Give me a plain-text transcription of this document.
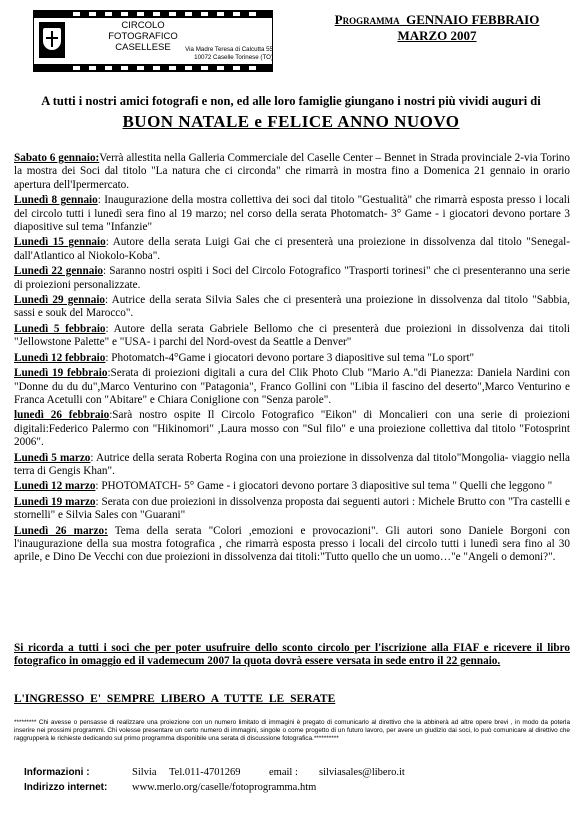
CIRCOLO
FOTOGRAFICO
CASELLESE	Via Madre Teresa di Calcutta 55
10072 Caselle Torinese (TO)
Programma GENNAIO FEBBRAIO
MARZO 2007
A tutti i nostri amici fotografi e non, ed alle loro famiglie giungano i nostri più vividi auguri di
BUON NATALE e FELICE ANNO NUOVO
Sabato 6 gennaio:Verrà allestita nella Galleria Commerciale del Caselle Center – Bennet in Strada provinciale 2-via Torino la mostra dei Soci dal titolo "La natura che ci circonda" che rimarrà in mostra fino a Domenica 21 gennaio in orario apertura dell'Ipermercato.
Lunedì 8 gennaio: Inaugurazione della mostra collettiva dei soci dal titolo "Gestualità" che rimarrà esposta presso i locali del circolo tutti i lunedì sera fino al 19 marzo; nel corso della serata Photomatch- 3° Game - i giocatori devono portare 3 diapositive sul tema "Infanzie"
Lunedì 15 gennaio: Autore della serata Luigi Gai che ci presenterà una proiezione in dissolvenza dal titolo "Senegal-dall'Atlantico al Niokolo-Koba".
Lunedì 22 gennaio: Saranno nostri ospiti i Soci del Circolo Fotografico "Trasporti torinesi" che ci presenteranno una serie di proiezioni personalizzate.
Lunedì 29 gennaio: Autrice della serata Silvia Sales che ci presenterà una proiezione in dissolvenza dal titolo "Sabbia, sassi e souk del Marocco".
Lunedì 5 febbraio: Autore della serata Gabriele Bellomo che ci presenterà due proiezioni in dissolvenza dai titoli "Jellowstone Palette" e "USA- i parchi del Nord-ovest da Seattle a Denver"
Lunedì 12 febbraio: Photomatch-4°Game i giocatori devono portare 3 diapositive sul tema "Lo sport"
Lunedì 19 febbraio:Serata di proiezioni digitali a cura del Clik Photo Club "Mario A."di Pianezza: Daniela Nardini con "Donne du du du",Marco Venturino con "Patagonia", Franco Gollini con "Libia il fascino del deserto",Marco Venturino e Franca Acetulli con "Abitare" e Chiara Coniglione con "Senza parole".
lunedì 26 febbraio:Sarà nostro ospite Il Circolo Fotografico "Eikon" di Moncalieri con una serie di proiezioni digitali:Federico Palermo con "Hikinomori" ,Laura mosso con "Sul filo" e una proiezione collettiva dal titolo "Fotosprint 2006".
Lunedì 5 marzo: Autrice della serata Roberta Rogina con una proiezione in dissolvenza dal titolo"Mongolia- viaggio nella terra di Gengis Khan".
Lunedì 12 marzo: PHOTOMATCH- 5° Game - i giocatori devono portare 3 diapositive sul tema " Quelli che leggono "
Lunedì 19 marzo: Serata con due proiezioni in dissolvenza proposta dai seguenti autori : Michele Brutto con "Tra castelli e stornelli" e Silvia Sales con "Guarani"
Lunedì 26 marzo: Tema della serata "Colori ,emozioni e provocazioni". Gli autori sono Daniele Borgoni con l'inaugurazione della sua mostra fotografica , che rimarrà esposta presso i locali del circolo tutti i lunedì sera fino al 30 aprile, e Dino De Vecchi con due proiezioni in dissolvenza dai titoli:"Tutto quello che un uomo…"e "Angeli o demoni?".
Si ricorda a tutti i soci che per poter usufruire dello sconto circolo per l'iscrizione alla FIAF e ricevere il libro fotografico in omaggio ed il vademecum 2007 la quota dovrà essere versata in sede entro il 22 gennaio.
L'INGRESSO E' SEMPRE LIBERO A TUTTE LE SERATE
********* Chi avesse o pensasse di realizzare una proiezione con un numero limitato di immagini è pregato di comunicarlo al direttivo che la abbinerà ad altre opere brevi , in modo da poterla inserire nei prossimi programmi. Chi volesse presentare un certo numero di immagini, singole o come progetto di un futuro lavoro, per avere un giudizio dai soci, lo può comunicare al direttivo che raggrupperà le richieste dedicando sul primo programma disponibile una serata di discussione fotografica.**********
Informazioni :	Silvia Tel.011-4701269	email : silviasales@libero.it
Indirizzo internet: www.merlo.org/caselle/fotoprogramma.htm
